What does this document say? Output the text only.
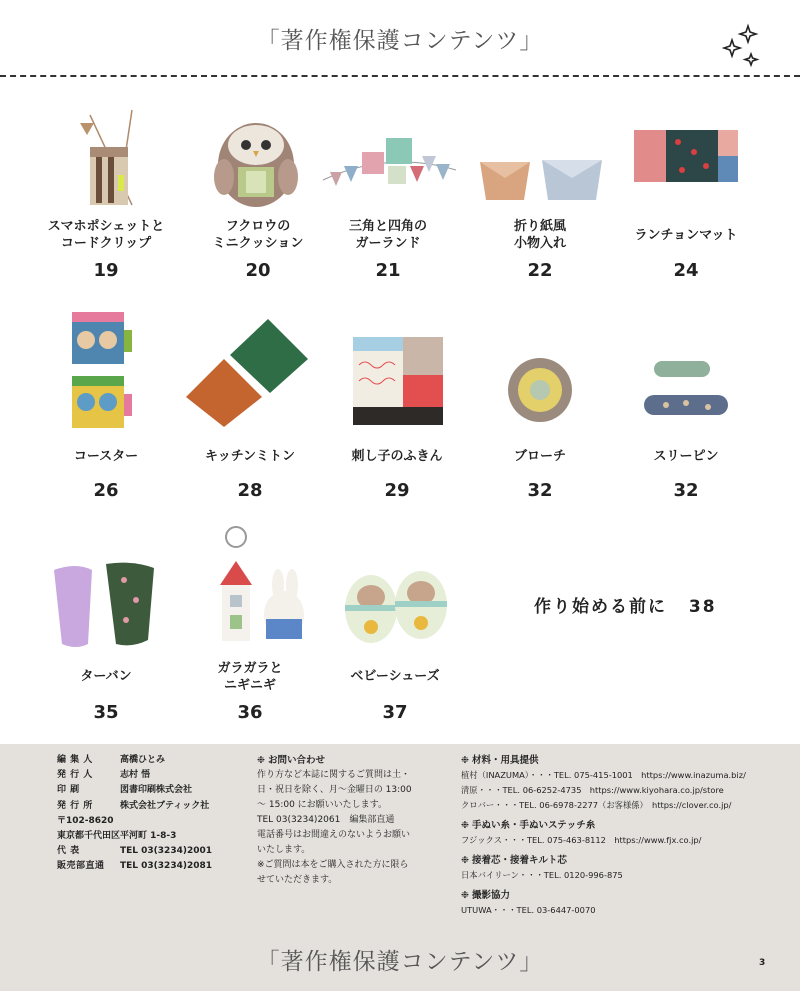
「著作権保護コンテンツ」
スマホポシェットと
コードクリップ
19
フクロウの
ミニクッション
20
三角と四角の
ガーランド
21
折り紙風
小物入れ
22
ランチョンマット
24
コースター
26
キッチンミトン
28
刺し子のふきん
29
ブローチ
32
スリーピン
32
ターバン
35
ガラガラと
ニギニギ
36
ベビーシューズ
37
作り始める前に 38
編 集 人	高橋ひとみ
発 行 人	志村 悟
印 刷	図書印刷株式会社
発 行 所	株式会社ブティック社
〒102-8620
東京都千代田区平河町 1-8-3
代 表	TEL 03(3234)2001
販売部直通	TEL 03(3234)2081
❉ お問い合わせ
作り方など本誌に関するご質問は土・
日・祝日を除く、月～金曜日の 13:00
～ 15:00 にお願いいたします。
TEL 03(3234)2061　編集部直通
電話番号はお間違えのないようお願い
いたします。
※ご質問は本をご購入された方に限ら
せていただきます。
❉ 材料・用具提供
植村（INAZUMA）・・・TEL. 075-415-1001　https://www.inazuma.biz/
清原・・・TEL. 06-6252-4735　https://www.kiyohara.co.jp/store
クロバー・・・TEL. 06-6978-2277（お客様係）　https://clover.co.jp/
❉ 手ぬい糸・手ぬいステッチ糸
フジックス・・・TEL. 075-463-8112　https://www.fjx.co.jp/
❉ 接着芯・接着キルト芯
日本バイリーン・・・TEL. 0120-996-875
❉ 撮影協力
UTUWA・・・TEL. 03-6447-0070
3
「著作権保護コンテンツ」
